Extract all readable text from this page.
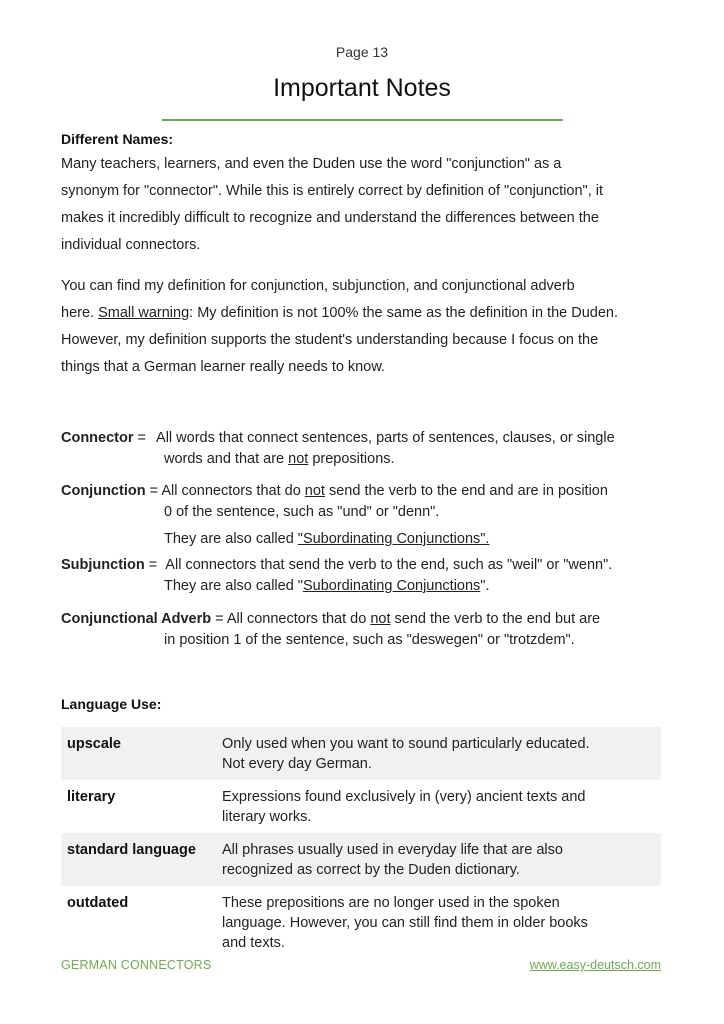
Page 13
Important Notes
Different Names:
Many teachers, learners, and even the Duden use the word "conjunction" as a
synonym for "connector". While this is entirely correct by definition of "conjunction", it
makes it incredibly difficult to recognize and understand the differences between the
individual connectors.
You can find my definition for conjunction, subjunction, and conjunctional adverb
here. Small warning: My definition is not 100% the same as the definition in the Duden.
However, my definition supports the student's understanding because I focus on the
things that a German learner really needs to know.
Connector = All words that connect sentences, parts of sentences, clauses, or single
words and that are not prepositions.
Conjunction = All connectors that do not send the verb to the end and are in position
0 of the sentence, such as "und" or "denn".
They are also called "Subordinating Conjunctions".
Subjunction = All connectors that send the verb to the end, such as "weil" or "wenn".
They are also called "Subordinating Conjunctions".
Conjunctional Adverb = All connectors that do not send the verb to the end but are
in position 1 of the sentence, such as "deswegen" or "trotzdem".
Language Use:
upscale	Only used when you want to sound particularly educated.
Not every day German.

literary	Expressions found exclusively in (very) ancient texts and
literary works.

standard language	All phrases usually used in everyday life that are also
recognized as correct by the Duden dictionary.

outdated	These prepositions are no longer used in the spoken
language. However, you can still find them in older books
and texts.
GERMAN CONNECTORS	www.easy-deutsch.com
